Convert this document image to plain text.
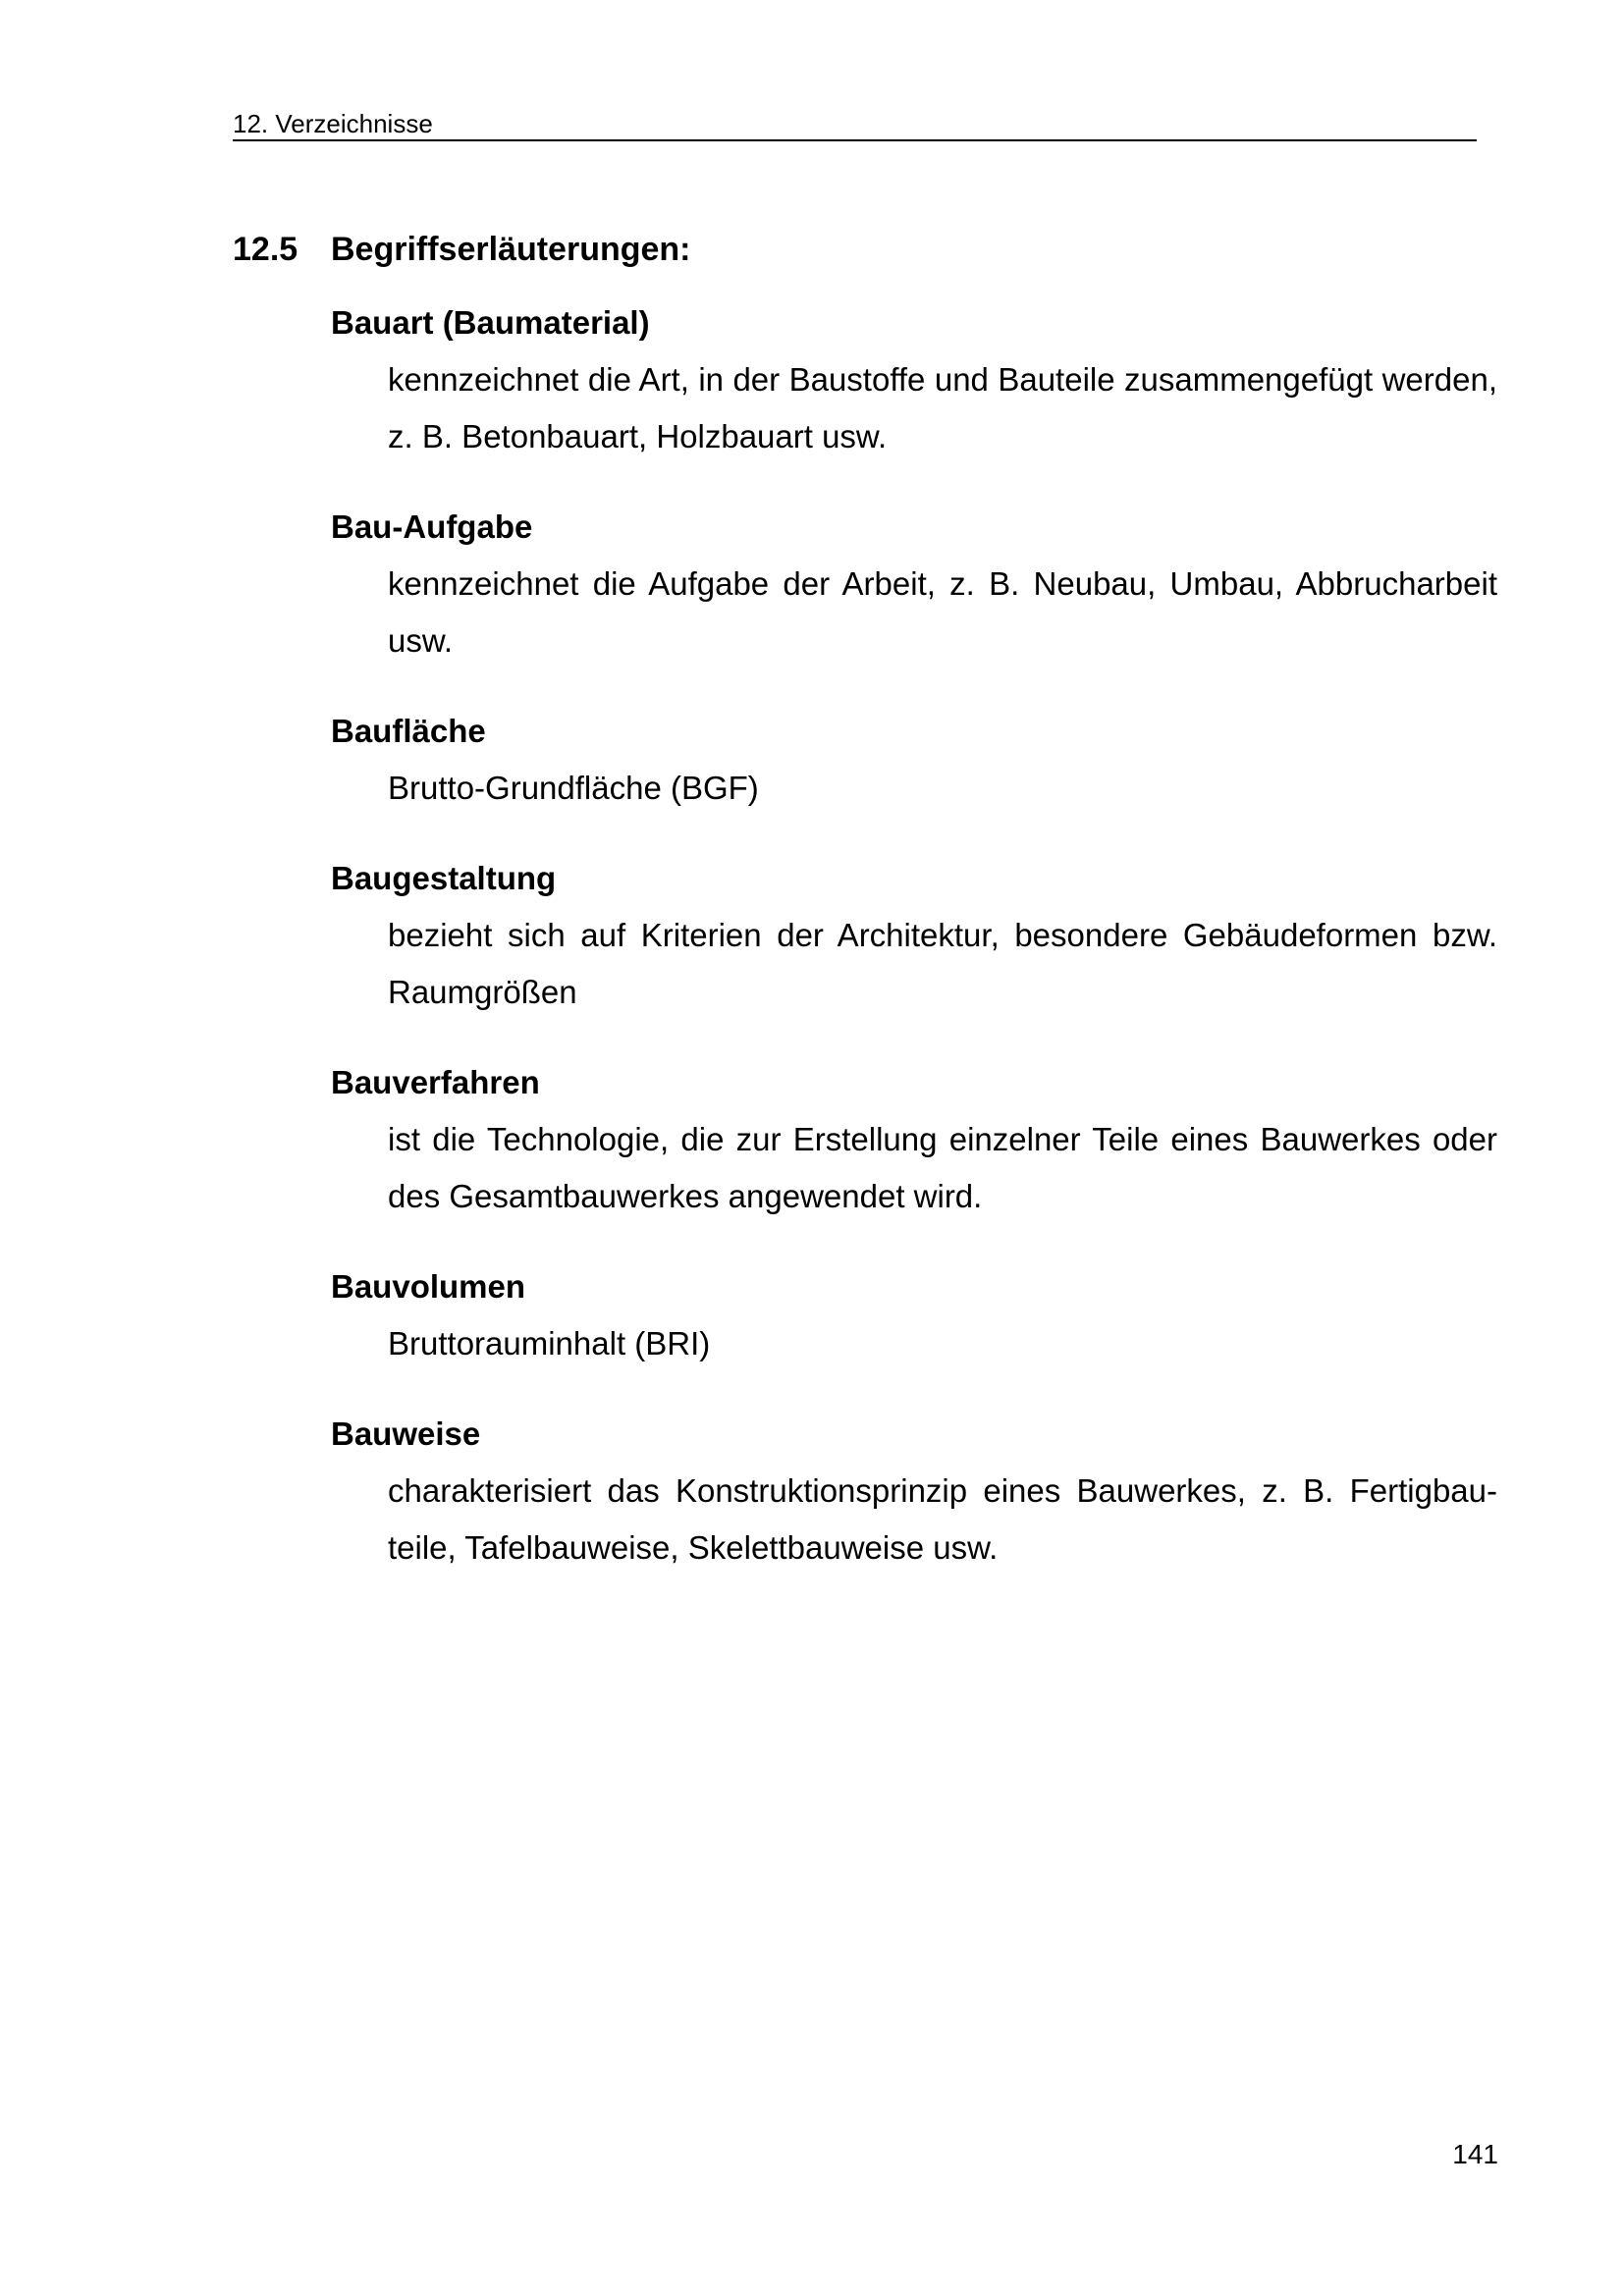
12. Verzeichnisse
12.5 Begriffserläuterungen:
Bauart (Baumaterial)
kennzeichnet die Art, in der Baustoffe und Bauteile zusammengefügt werden, z. B. Betonbauart, Holzbauart usw.
Bau-Aufgabe
kennzeichnet die Aufgabe der Arbeit, z. B. Neubau, Umbau, Abbrucharbeit usw.
Baufläche
Brutto-Grundfläche (BGF)
Baugestaltung
bezieht sich auf Kriterien der Architektur, besondere Gebäudeformen bzw. Raumgrößen
Bauverfahren
ist die Technologie, die zur Erstellung einzelner Teile eines Bauwerkes oder des Gesamtbauwerkes angewendet wird.
Bauvolumen
Bruttorauminhalt (BRI)
Bauweise
charakterisiert das Konstruktionsprinzip eines Bauwerkes, z. B. Fertigbauteile, Tafelbauweise, Skelettbauweise usw.
141
